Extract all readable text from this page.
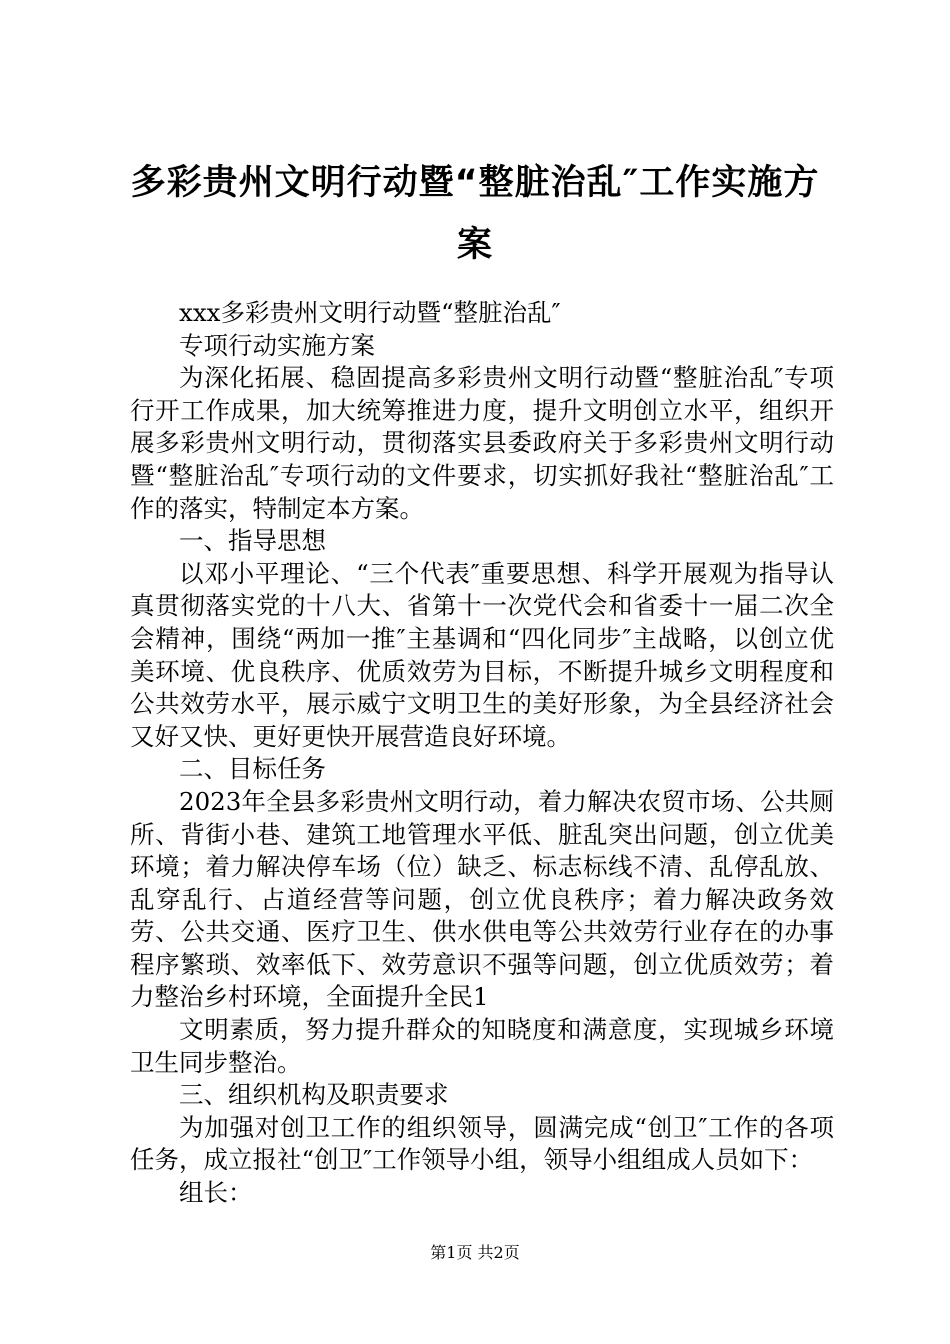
多彩贵州文明行动暨“整脏治乱″工作实施方案

xxx多彩贵州文明行动暨“整脏治乱″

专项行动实施方案

为深化拓展、稳固提高多彩贵州文明行动暨“整脏治乱″专项行开工作成果，加大统筹推进力度，提升文明创立水平，组织开展多彩贵州文明行动，贯彻落实县委政府关于多彩贵州文明行动暨“整脏治乱″专项行动的文件要求，切实抓好我社“整脏治乱″工作的落实，特制定本方案。

一、指导思想

以邓小平理论、“三个代表″重要思想、科学开展观为指导认真贯彻落实党的十八大、省第十一次党代会和省委十一届二次全会精神，围绕“两加一推″主基调和“四化同步″主战略，以创立优美环境、优良秩序、优质效劳为目标，不断提升城乡文明程度和公共效劳水平，展示威宁文明卫生的美好形象，为全县经济社会又好又快、更好更快开展营造良好环境。

二、目标任务

2023年全县多彩贵州文明行动，着力解决农贸市场、公共厕所、背街小巷、建筑工地管理水平低、脏乱突出问题，创立优美环境；着力解决停车场（位）缺乏、标志标线不清、乱停乱放、乱穿乱行、占道经营等问题，创立优良秩序；着力解决政务效劳、公共交通、医疗卫生、供水供电等公共效劳行业存在的办事程序繁琐、效率低下、效劳意识不强等问题，创立优质效劳；着力整治乡村环境，全面提升全民1

文明素质，努力提升群众的知晓度和满意度，实现城乡环境卫生同步整治。

三、组织机构及职责要求

为加强对创卫工作的组织领导，圆满完成“创卫″工作的各项任务，成立报社“创卫″工作领导小组，领导小组组成人员如下：

组长：

第1页 共2页
